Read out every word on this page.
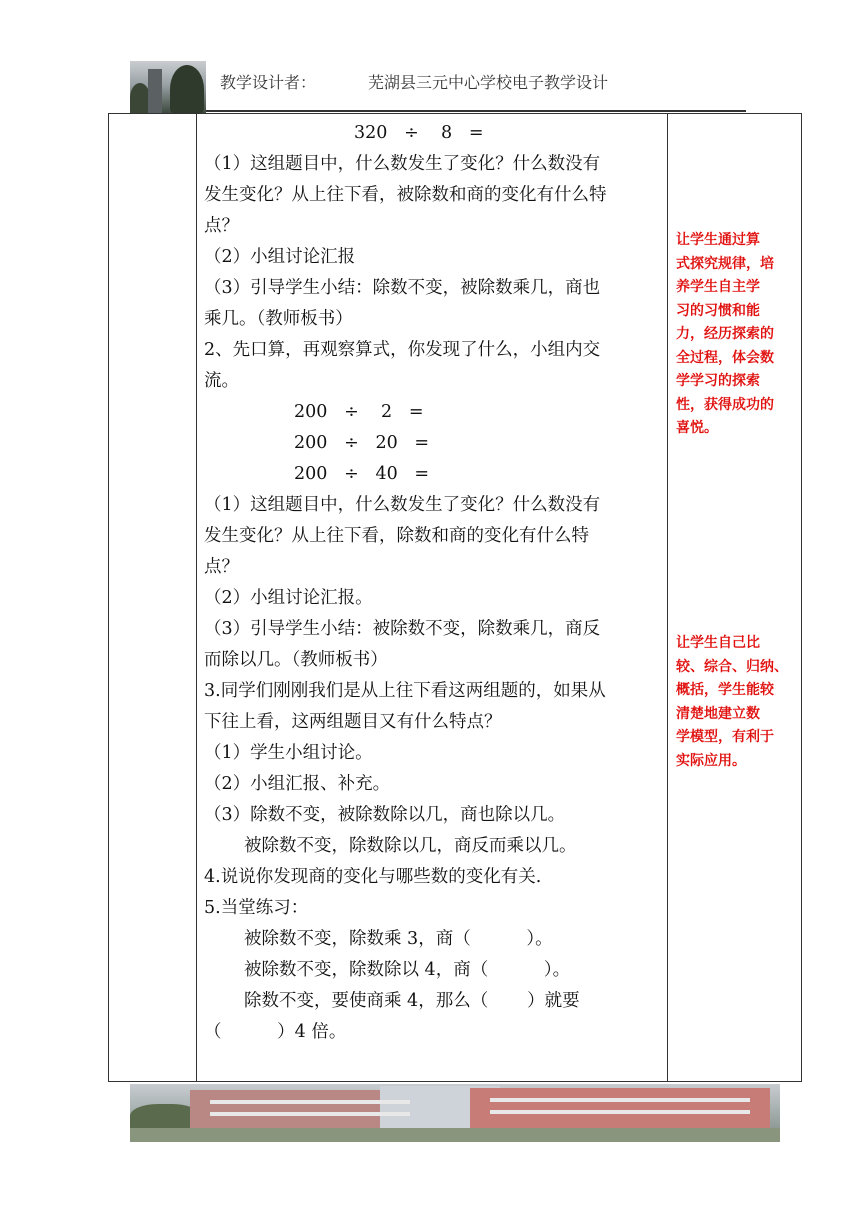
教学设计者：	芜湖县三元中心学校电子教学设计
320   ÷    8   =
（1）这组题目中，什么数发生了变化？什么数没有
发生变化？从上往下看，被除数和商的变化有什么特
点？
（2）小组讨论汇报
（3）引导学生小结：除数不变，被除数乘几，商也
乘几。（教师板书）
2、先口算，再观察算式，你发现了什么，小组内交
流。
200   ÷    2   =
200   ÷   20   =
200   ÷   40   =
（1）这组题目中，什么数发生了变化？什么数没有
发生变化？从上往下看，除数和商的变化有什么特
点？
（2）小组讨论汇报。
（3）引导学生小结：被除数不变，除数乘几，商反
而除以几。（教师板书）
3.同学们刚刚我们是从上往下看这两组题的，如果从
下往上看，这两组题目又有什么特点？
（1）学生小组讨论。
（2）小组汇报、补充。
（3）除数不变，被除数除以几，商也除以几。
被除数不变，除数除以几，商反而乘以几。
4.说说你发现商的变化与哪些数的变化有关.
5.当堂练习：
被除数不变，除数乘 3，商（          ）。
被除数不变，除数除以 4，商（          ）。
除数不变，要使商乘 4，那么（       ）就要
（          ）4 倍。
让学生通过算
式探究规律，培
养学生自主学
习的习惯和能
力，经历探索的
全过程，体会数
学学习的探索
性，获得成功的
喜悦。
让学生自己比
较、综合、归纳、
概括，学生能较
清楚地建立数
学模型，有利于
实际应用。
